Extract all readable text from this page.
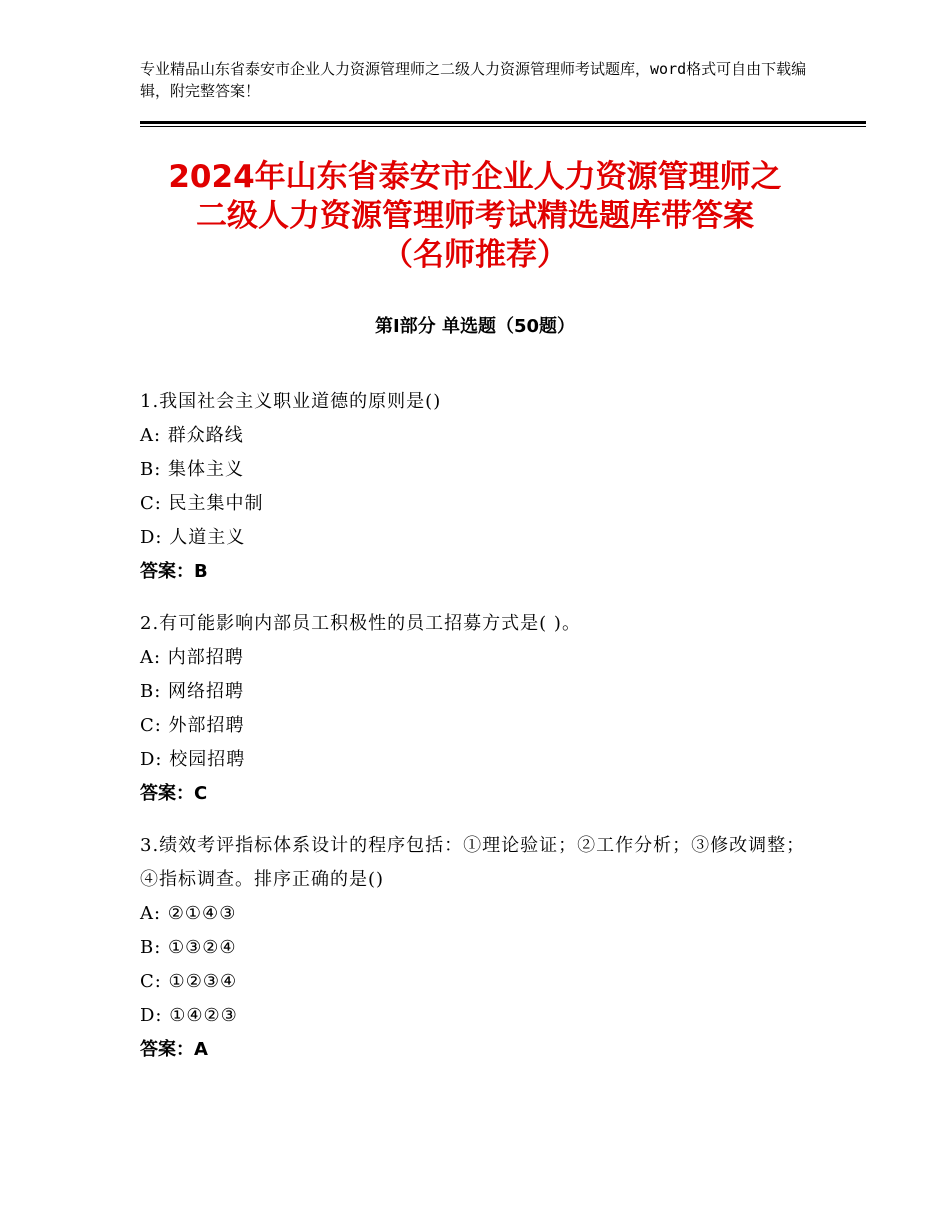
专业精品山东省泰安市企业人力资源管理师之二级人力资源管理师考试题库，word格式可自由下载编辑，附完整答案！
2024年山东省泰安市企业人力资源管理师之
二级人力资源管理师考试精选题库带答案
（名师推荐）
第Ⅰ部分 单选题（50题）
1.我国社会主义职业道德的原则是()
A: 群众路线
B: 集体主义
C: 民主集中制
D: 人道主义
答案：B
2.有可能影响内部员工积极性的员工招募方式是( )。
A: 内部招聘
B: 网络招聘
C: 外部招聘
D: 校园招聘
答案：C
3.绩效考评指标体系设计的程序包括：①理论验证；②工作分析；③修改调整；④指标调查。排序正确的是()
A: ②①④③
B: ①③②④
C: ①②③④
D: ①④②③
答案：A
